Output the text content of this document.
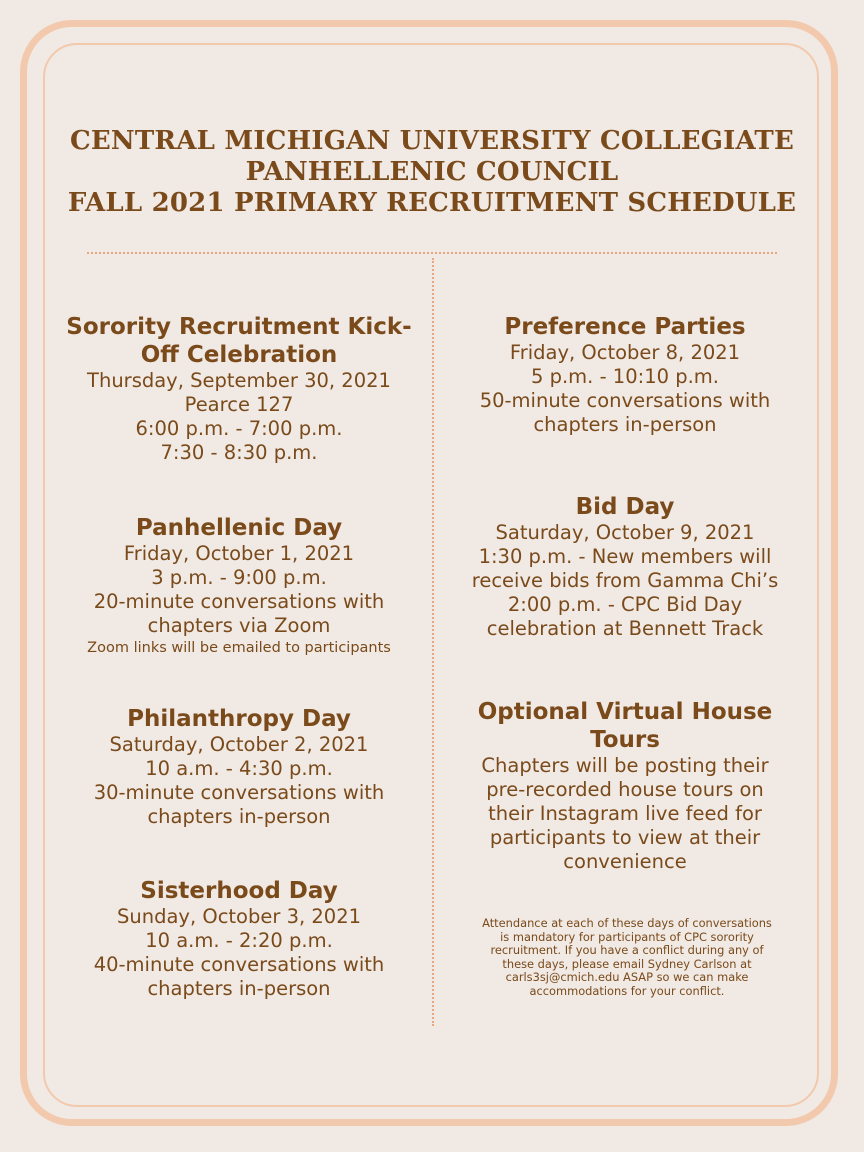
CENTRAL MICHIGAN UNIVERSITY COLLEGIATE
PANHELLENIC COUNCIL
FALL 2021 PRIMARY RECRUITMENT SCHEDULE
Sorority Recruitment Kick-
Off Celebration
Thursday, September 30, 2021
Pearce 127
6:00 p.m. - 7:00 p.m.
7:30 - 8:30 p.m.
Panhellenic Day
Friday, October 1, 2021
3 p.m. - 9:00 p.m.
20-minute conversations with
chapters via Zoom
Zoom links will be emailed to participants
Philanthropy Day
Saturday, October 2, 2021
10 a.m. - 4:30 p.m.
30-minute conversations with
chapters in-person
Sisterhood Day
Sunday, October 3, 2021
10 a.m. - 2:20 p.m.
40-minute conversations with
chapters in-person
Preference Parties
Friday, October 8, 2021
5 p.m. - 10:10 p.m.
50-minute conversations with
chapters in-person
Bid Day
Saturday, October 9, 2021
1:30 p.m. - New members will
receive bids from Gamma Chi’s
2:00 p.m. - CPC Bid Day
celebration at Bennett Track
Optional Virtual House
Tours
Chapters will be posting their
pre-recorded house tours on
their Instagram live feed for
participants to view at their
convenience
Attendance at each of these days of conversations
is mandatory for participants of CPC sorority
recruitment. If you have a conflict during any of
these days, please email Sydney Carlson at
carls3sj@cmich.edu ASAP so we can make
accommodations for your conflict.
